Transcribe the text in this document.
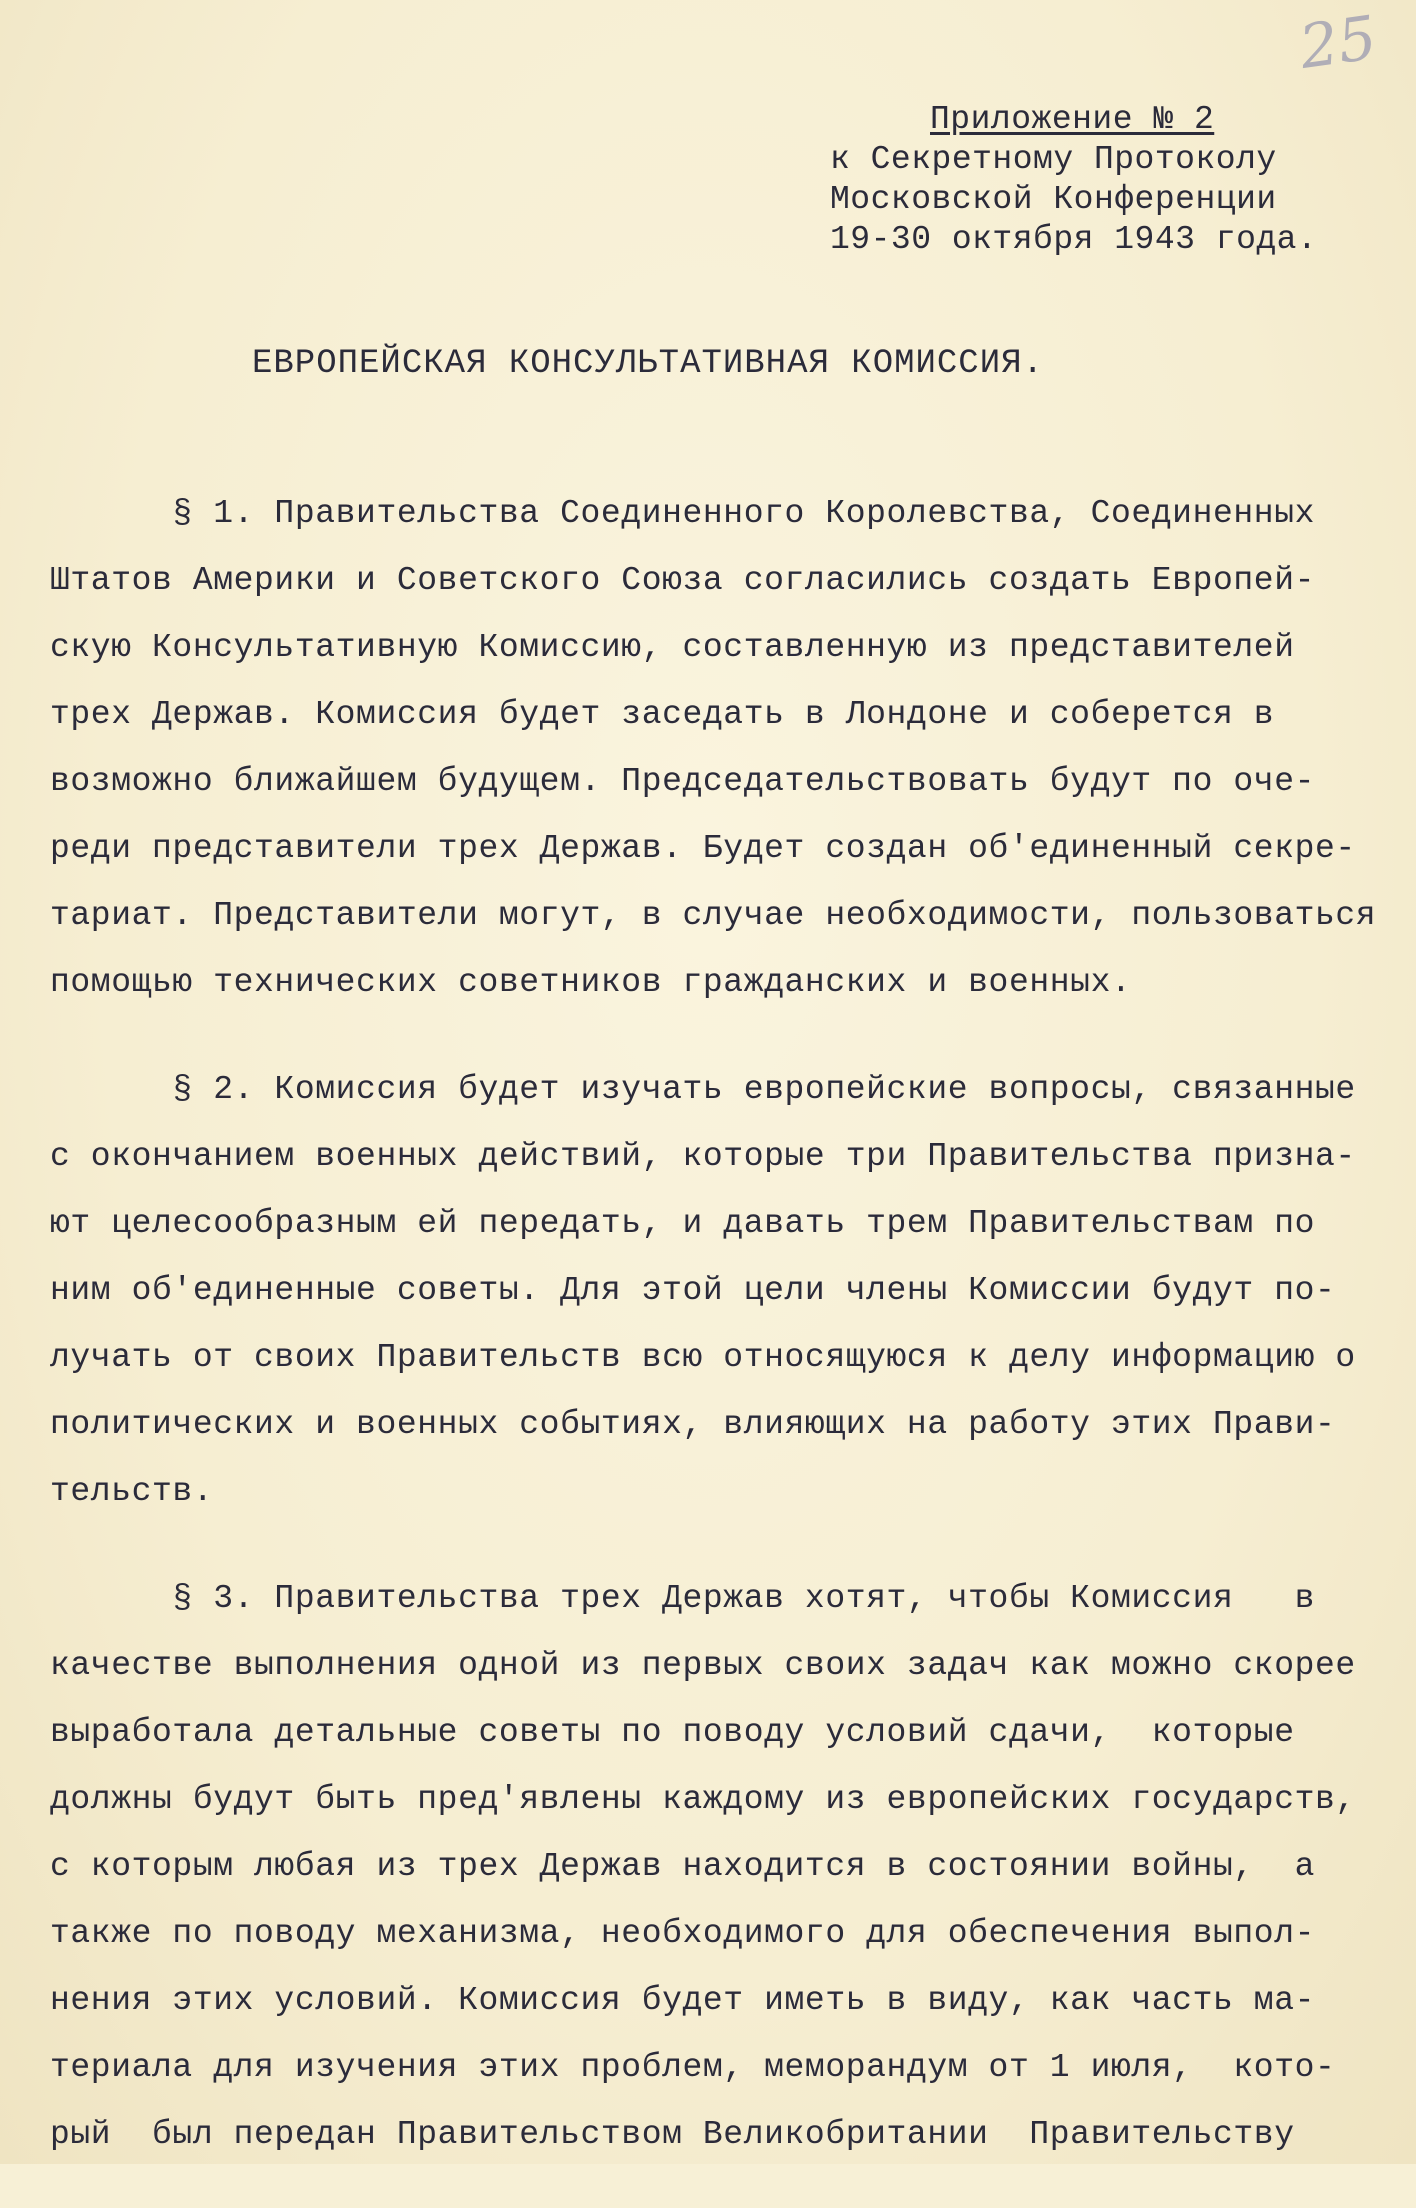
25
Приложение № 2
к Секретному Протоколу
Московской Конференции
19-30 октября 1943 года.
ЕВРОПЕЙСКАЯ КОНСУЛЬТАТИВНАЯ КОМИССИЯ.
§ 1. Правительства Соединенного Королевства, Соединенных
Штатов Америки и Советского Союза согласились создать Европей-
скую Консультативную Комиссию, составленную из представителей
трех Держав. Комиссия будет заседать в Лондоне и соберется в
возможно ближайшем будущем. Председательствовать будут по оче-
реди представители трех Держав. Будет создан об'единенный секре-
тариат. Представители могут, в случае необходимости, пользоваться
помощью технических советников гражданских и военных.
§ 2. Комиссия будет изучать европейские вопросы, связанные
с окончанием военных действий, которые три Правительства призна-
ют целесообразным ей передать, и давать трем Правительствам по
ним об'единенные советы. Для этой цели члены Комиссии будут по-
лучать от своих Правительств всю относящуюся к делу информацию о
политических и военных событиях, влияющих на работу этих Прави-
тельств.
§ 3. Правительства трех Держав хотят, чтобы Комиссия   в
качестве выполнения одной из первых своих задач как можно скорее
выработала детальные советы по поводу условий сдачи,  которые
должны будут быть пред'явлены каждому из европейских государств,
с которым любая из трех Держав находится в состоянии войны,  а
также по поводу механизма, необходимого для обеспечения выпол-
нения этих условий. Комиссия будет иметь в виду, как часть ма-
териала для изучения этих проблем, меморандум от 1 июля,  кото-
рый  был передан Правительством Великобритании  Правительству
